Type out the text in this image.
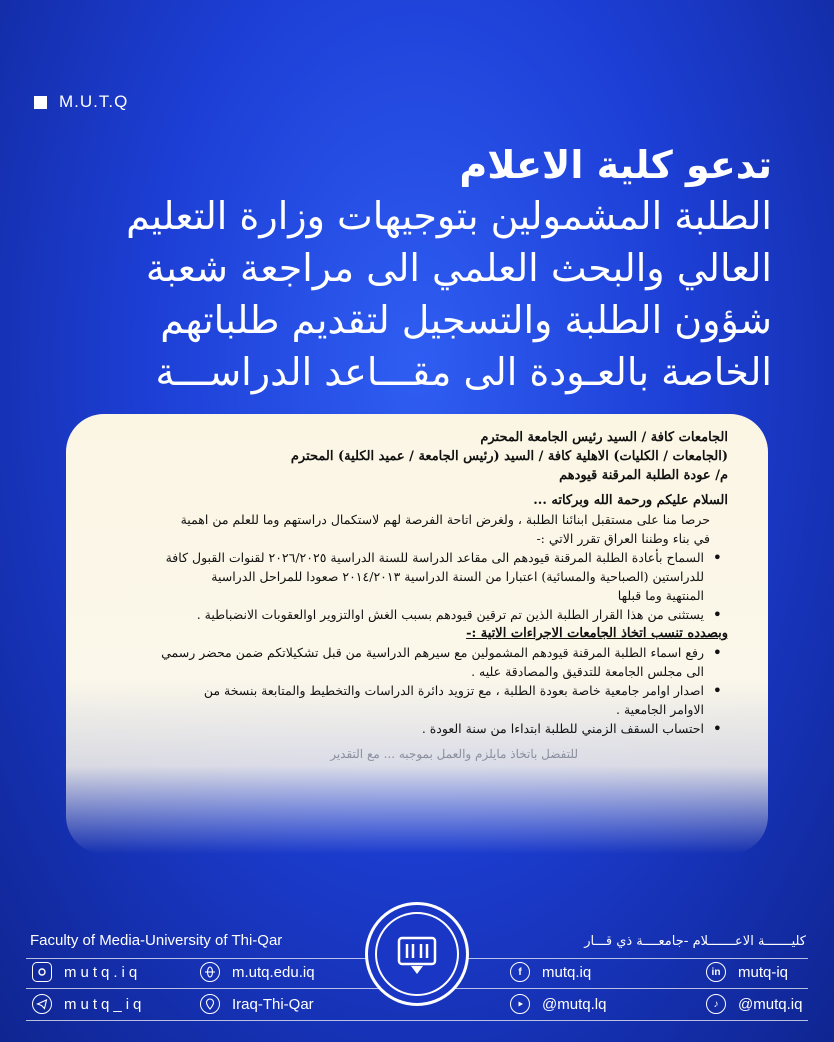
M.U.T.Q
تدعو كلية الاعلام
الطلبة المشمولين بتوجيهات وزارة التعليم
العالي والبحث العلمي الى مراجعة شعبة
شؤون الطلبة والتسجيل لتقديم طلباتهم
الخاصة بالعـودة الى مقـــاعد الدراســـة
الجامعات كافة / السيد رئيس الجامعة المحترم
(الجامعات / الكليات) الاهلية كافة / السيد (رئيس الجامعة / عميد الكلية) المحترم
م/ عودة الطلبة المرقنة قيودهم
السلام عليكم ورحمة الله وبركاته ...
حرصا منا على مستقبل ابنائنا الطلبة ، ولغرض اتاحة الفرصة لهم لاستكمال دراستهم وما للعلم من اهمية
في بناء وطننا العراق تقرر الاتي :-
• السماح بأعادة الطلبة المرقنة قيودهم الى مقاعد الدراسة للسنة الدراسية ٢٠٢٦/٢٠٢٥ لقنوات القبول كافة
للدراستين (الصباحية والمسائية) اعتبارا من السنة الدراسية ٢٠١٤/٢٠١٣ صعودا للمراحل الدراسية
المنتهية وما قبلها
• يستثنى من هذا القرار الطلبة الذين تم ترقين قيودهم بسبب الغش اوالتزوير اوالعقوبات الانضباطية .
وبصدده تنسب اتخاذ الجامعات الاجراءات الاتية :-
• رفع اسماء الطلبة المرقنة قيودهم المشمولين مع سيرهم الدراسية من قبل تشكيلاتكم ضمن محضر رسمي
الى مجلس الجامعة للتدقيق والمصادقة عليه .
• اصدار اوامر جامعية خاصة بعودة الطلبة ، مع تزويد دائرة الدراسات والتخطيط والمتابعة بنسخة من
الاوامر الجامعية .
• احتساب السقف الزمني للطلبة ابتداءا من سنة العودة .
للتفضل باتخاذ مايلزم والعمل بموجبه ... مع التقدير
Faculty of Media-University of Thi-Qar	كليـــــــة الاعـــــــلام -جامعــــة ذي قـــار
mutq.iq	m.utq.edu.iq	f	mutq.iq	in	mutq-iq
mutq_iq	Iraq-Thi-Qar	@mutq.lq	♪	@mutq.iq
